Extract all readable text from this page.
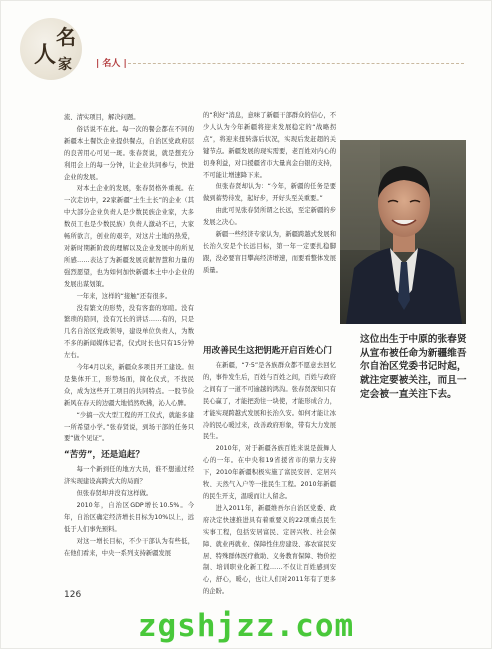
名
人 家	| 名人 |

流、清实项目，解决问题。

俗话说不在此。每一次的餐会都在不同的新疆本土餐饮企业提供餐点，自治区党政府层的良苦用心可见一斑。张春贤说，就是想充分利用会上的每一分钟，让企业共同参与，快进企业的发展。

对本土企业的发展，张春贤格外重视。在一次走访中，22家新疆“土生土长”的企业（其中大部分企业负责人是少数民族企业家，大多数员工也是少数民族）负责人激动不已，大家畅所欲言，创业的艰辛，对这片土地的热爱，对新时期新阶段的理解以及企业发展中的所见所感……表达了为新疆发展贡献智慧和力量的强烈愿望，也为如何加快新疆本土中小企业的发展出谋划策。

一年来，这样的“接触”还有很多。

没有繁文的形势，没有客套的寒暄。没有繁琐的陪同，没有冗长的讲话……有的，只是几名自治区党政领导，建设单位负责人，为数不多的新闻媒体记者，仪式时长也只有15分钟左右。

今年4月以来，新疆众多项目开工建设。但是集体开工，形势场面，简化仪式，不找民众，成为这些开工项目的共同特点。一股节俭新风在春天的边疆大地悄然吹拂，沁人心脾。

“少搞一次大型工程的开工仪式，就能多建一所希望小学。”张春贤说，到场干部的任务只要“做个见证”。

“苦劳”，还是追赶？

每一个新到任的地方大员，谁不想通过经济实现建设高跨式大的局面？

但张春贤却并没有这样做。

2010年，自治区GDP增长10.5%。今年，自治区确定经济增长目标为10%以上，远低于人们事先预料。

对这一增长目标，不少干部认为有些低，在他们看来，中央一系列支持新疆发展

的“利好”消息，意味了新疆干部群众的信心，不少人认为今年新疆将迎来发展稳定的“战略拐点”，将迎来扭转落后状况，实现后发赶超的关键节点。新疆发展的现实需要，老百姓对内心的切身利益，对口援疆省市大量真金白银的支持，不可能让增速降下来。

但张春贤却认为：“今年，新疆的任务是要做到蓄势待发，起好步，开好头至关重要。”

由此可见张春贤所谓之长远，至定新疆的步发展之决心。

新疆一些经济专家认为，新疆跨越式发展和长治久安是个长远目标，第一年一定要扎稳脚跟，没必要盲目攀高经济增速，而要看整体发展质量。

用改善民生这把钥匙开启百姓心门

在新疆，“7·5”是各族群众都不愿意去回忆的，事件发生后，百姓与百姓之间，百姓与政府之间有了一道不可逾越的鸿沟。张春贤深知只有民心赢了，才能把劲往一块使，才能形成合力，才能实现跨越式发展和长治久安。如何才能让冰冷的民心暖过来，改善政府形象，带有大力发展民生。

2010年，对于新疆各族百姓来说是鼓舞人心的一年。在中央和19省援省市的鼎力支持下，2010年新疆积极实施了富民安居、定居兴牧、天然气入户等一批民生工程。2010年新疆的民生开支，温暖而让人留念。

进入2011年，新疆维吾尔自治区党委、政府决定快速推进具有着重要义的22项重点民生实事工程，包括安居富民、定居兴牧、社会保障、就业再就业、保障性住房建设、寡农富民安居、特殊群体医疗救助、义务教育保障、物价控制、培训职业化新工程……不仅让百姓感到安心，舒心，暖心，也让人们对2011年有了更多的企盼。

这位出生于中原的张春贤从宣布被任命为新疆维吾尔自治区党委书记时起，就注定要被关注，而且一定会被一直关注下去。
126
zgshjzz.com
